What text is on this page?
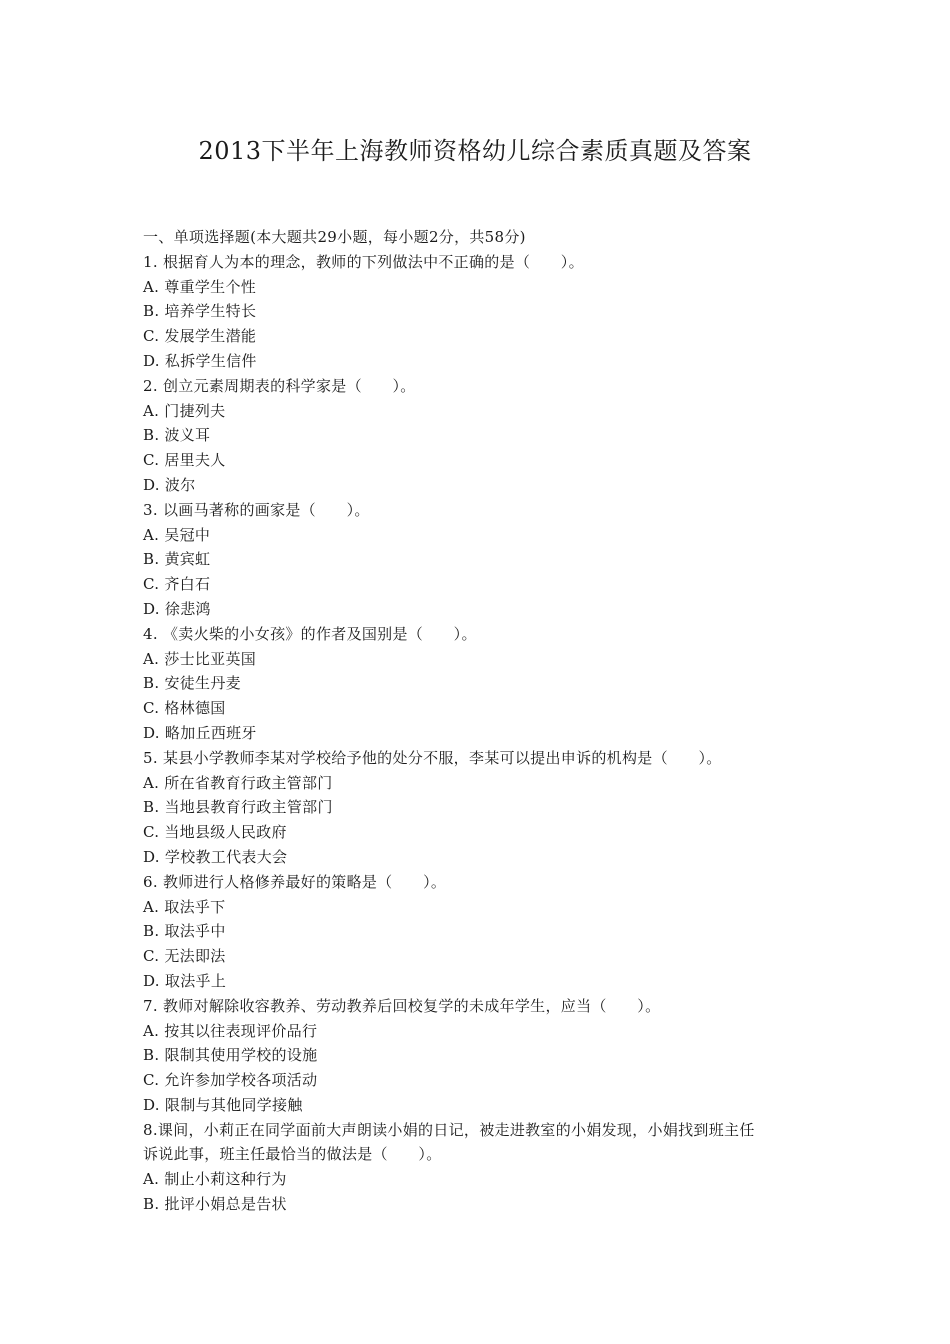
2013下半年上海教师资格幼儿综合素质真题及答案
一、单项选择题(本大题共29小题，每小题2分，共58分)
1. 根据育人为本的理念，教师的下列做法中不正确的是（　　）。
A. 尊重学生个性
B. 培养学生特长
C. 发展学生潜能
D. 私拆学生信件
2. 创立元素周期表的科学家是（　　）。
A. 门捷列夫
B. 波义耳
C. 居里夫人
D. 波尔
3. 以画马著称的画家是（　　）。
A. 吴冠中
B. 黄宾虹
C. 齐白石
D. 徐悲鸿
4. 《卖火柴的小女孩》的作者及国别是（　　）。
A. 莎士比亚英国
B. 安徒生丹麦
C. 格林德国
D. 略加丘西班牙
5. 某县小学教师李某对学校给予他的处分不服，李某可以提出申诉的机构是（　　）。
A. 所在省教育行政主管部门
B. 当地县教育行政主管部门
C. 当地县级人民政府
D. 学校教工代表大会
6. 教师进行人格修养最好的策略是（　　）。
A. 取法乎下
B. 取法乎中
C. 无法即法
D. 取法乎上
7. 教师对解除收容教养、劳动教养后回校复学的未成年学生，应当（　　）。
A. 按其以往表现评价品行
B. 限制其使用学校的设施
C. 允许参加学校各项活动
D. 限制与其他同学接触
8.课间，小莉正在同学面前大声朗读小娟的日记，被走进教室的小娟发现，小娟找到班主任
诉说此事，班主任最恰当的做法是（　　）。
A. 制止小莉这种行为
B. 批评小娟总是告状
